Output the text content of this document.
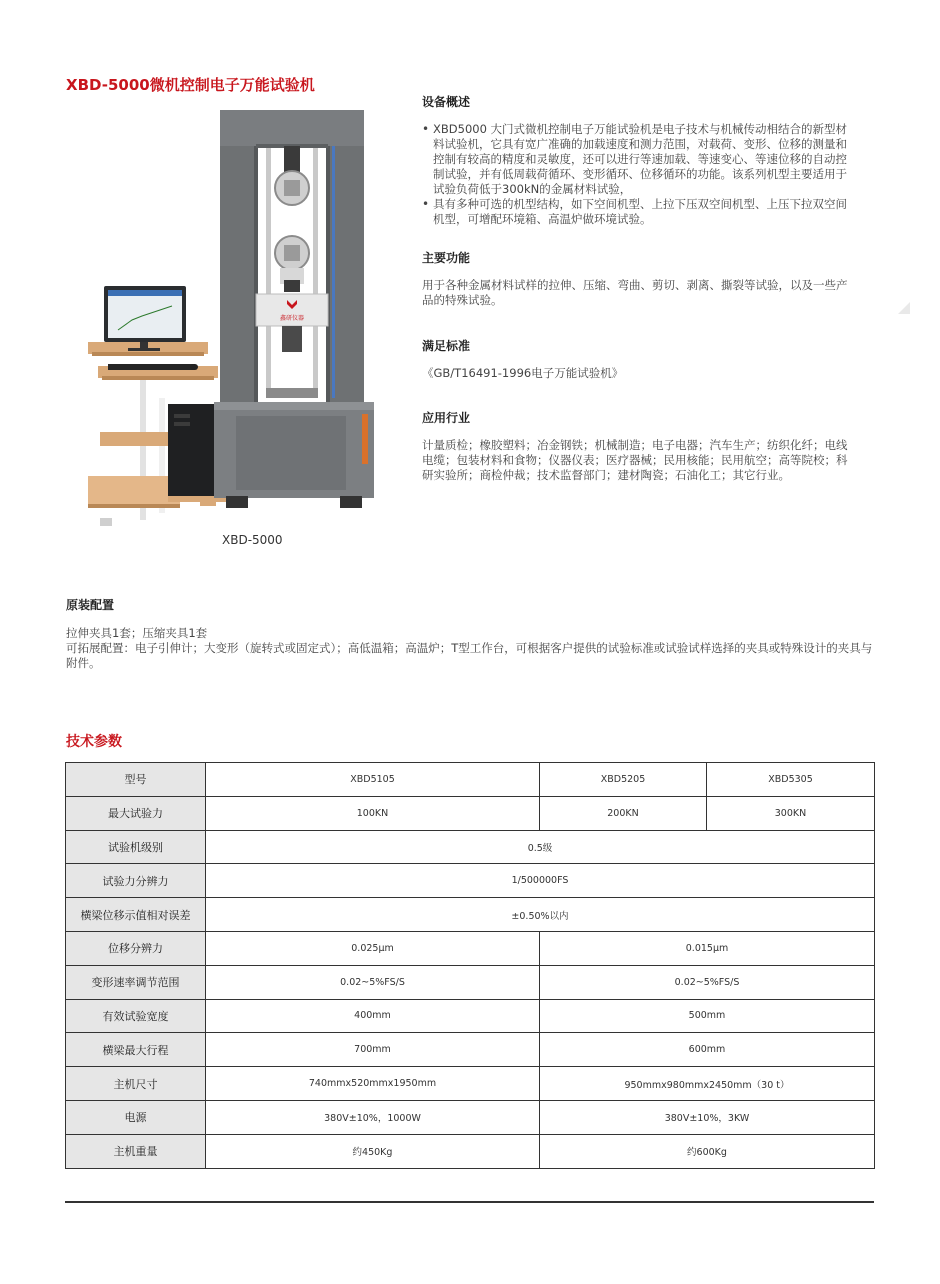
XBD-5000微机控制电子万能试验机
鑫研仪器
XBD-5000
设备概述
• XBD5000 大门式微机控制电子万能试验机是电子技术与机械传动相结合的新型材料试验机，它具有宽广准确的加载速度和测力范围，对载荷、变形、位移的测量和控制有较高的精度和灵敏度，还可以进行等速加载、等速变心、等速位移的自动控制试验，并有低周载荷循环、变形循环、位移循环的功能。该系列机型主要适用于试验负荷低于300kN的金属材料试验，
• 具有多种可选的机型结构，如下空间机型、上拉下压双空间机型、上压下拉双空间机型，可增配环境箱、高温炉做环境试验。
主要功能

用于各种金属材料试样的拉伸、压缩、弯曲、剪切、剥离、撕裂等试验，以及一些产品的特殊试验。

满足标准

《GB/T16491-1996电子万能试验机》

应用行业

计量质检；橡胶塑料；冶金钢铁；机械制造；电子电器；汽车生产；纺织化纤；电线电缆；包装材料和食物；仪器仪表；医疗器械；民用核能；民用航空；高等院校；科研实验所；商检仲裁；技术监督部门；建材陶瓷；石油化工；其它行业。

原装配置

拉伸夹具1套；压缩夹具1套

可拓展配置：电子引伸计；大变形（旋转式或固定式）；高低温箱；高温炉；T型工作台，可根据客户提供的试验标准或试验试样选择的夹具或特殊设计的夹具与附件。

技术参数
型号	XBD5105	XBD5205	XBD5305
最大试验力	100KN	200KN	300KN
试验机级别	0.5级		
试验力分辨力	1/500000FS		
横梁位移示值相对误差	±0.50%以内		
位移分辨力	0.025μm	0.015μm	
变形速率调节范围	0.02~5%FS/S	0.02~5%FS/S	
有效试验宽度	400mm	500mm	
横梁最大行程	700mm	600mm	
主机尺寸	740mmx520mmx1950mm	950mmx980mmx2450mm（30 t）	
电源	380V±10%，1000W	380V±10%，3KW	
主机重量	约450Kg	约600Kg	
